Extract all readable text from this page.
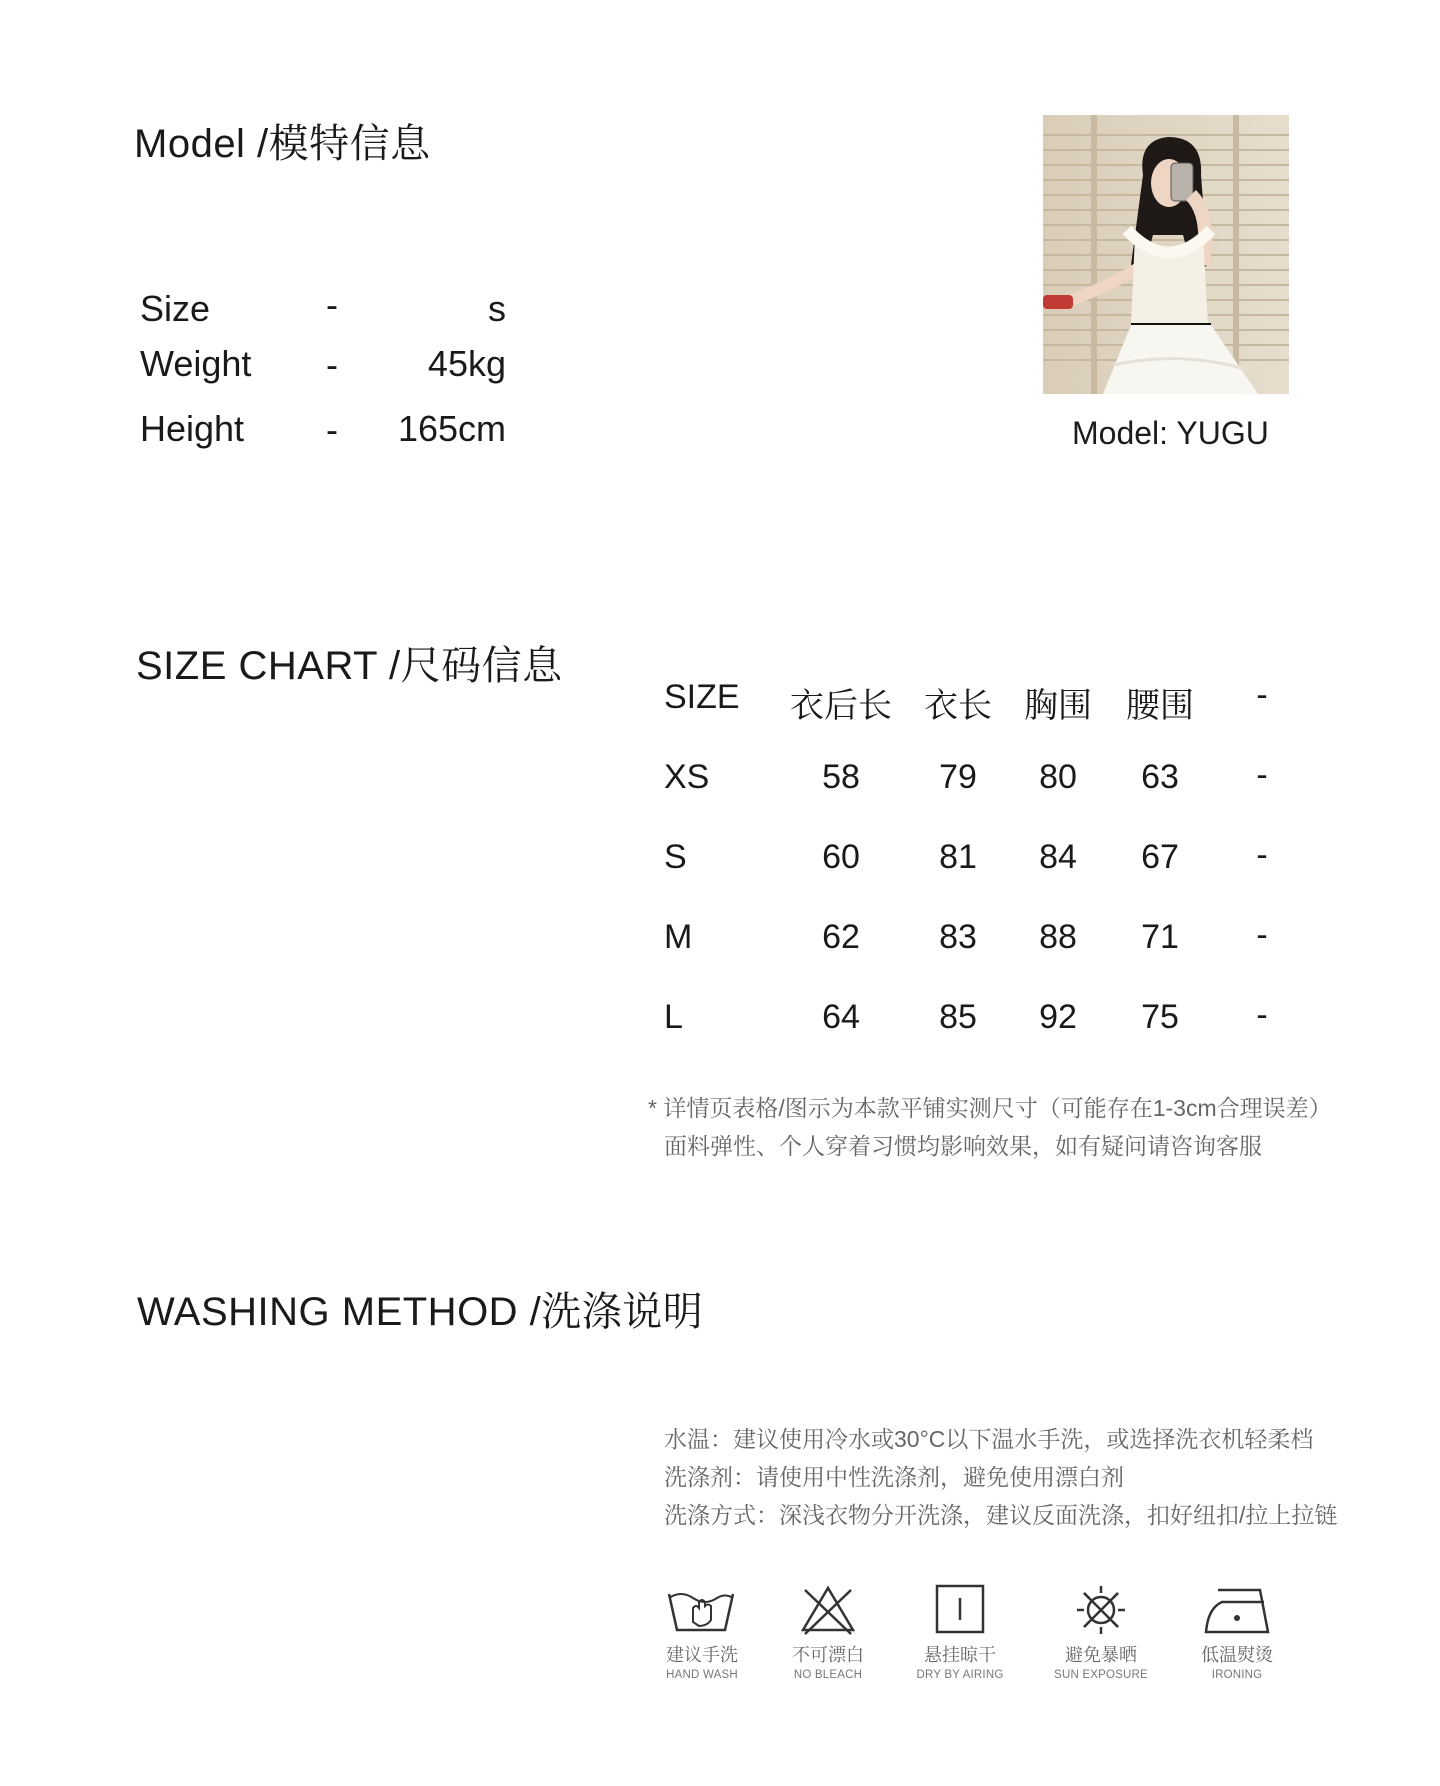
Model /模特信息
Size	-	s
Weight - 45kg
Height - 165cm	Model: YUGU
SIZE CHART /尺码信息
SIZE 衣后长 衣长 胸围 腰围 -
XS	58 79 80 63 -
S	60 81 84 67 -
M	62 83 88 71 -
L	64 85 92 75 -
* 详情页表格/图示为本款平铺实测尺寸（可能存在1-3cm合理误差）
面料弹性、个人穿着习惯均影响效果，如有疑问请咨询客服
WASHING METHOD /洗涤说明
水温：建议使用冷水或30°C以下温水手洗，或选择洗衣机轻柔档
洗涤剂：请使用中性洗涤剂，避免使用漂白剂
洗涤方式：深浅衣物分开洗涤，建议反面洗涤，扣好纽扣/拉上拉链
建议手洗
HAND WASH
不可漂白
NO BLEACH
悬挂晾干
DRY BY AIRING
避免暴晒
SUN EXPOSURE
低温熨烫
IRONING
